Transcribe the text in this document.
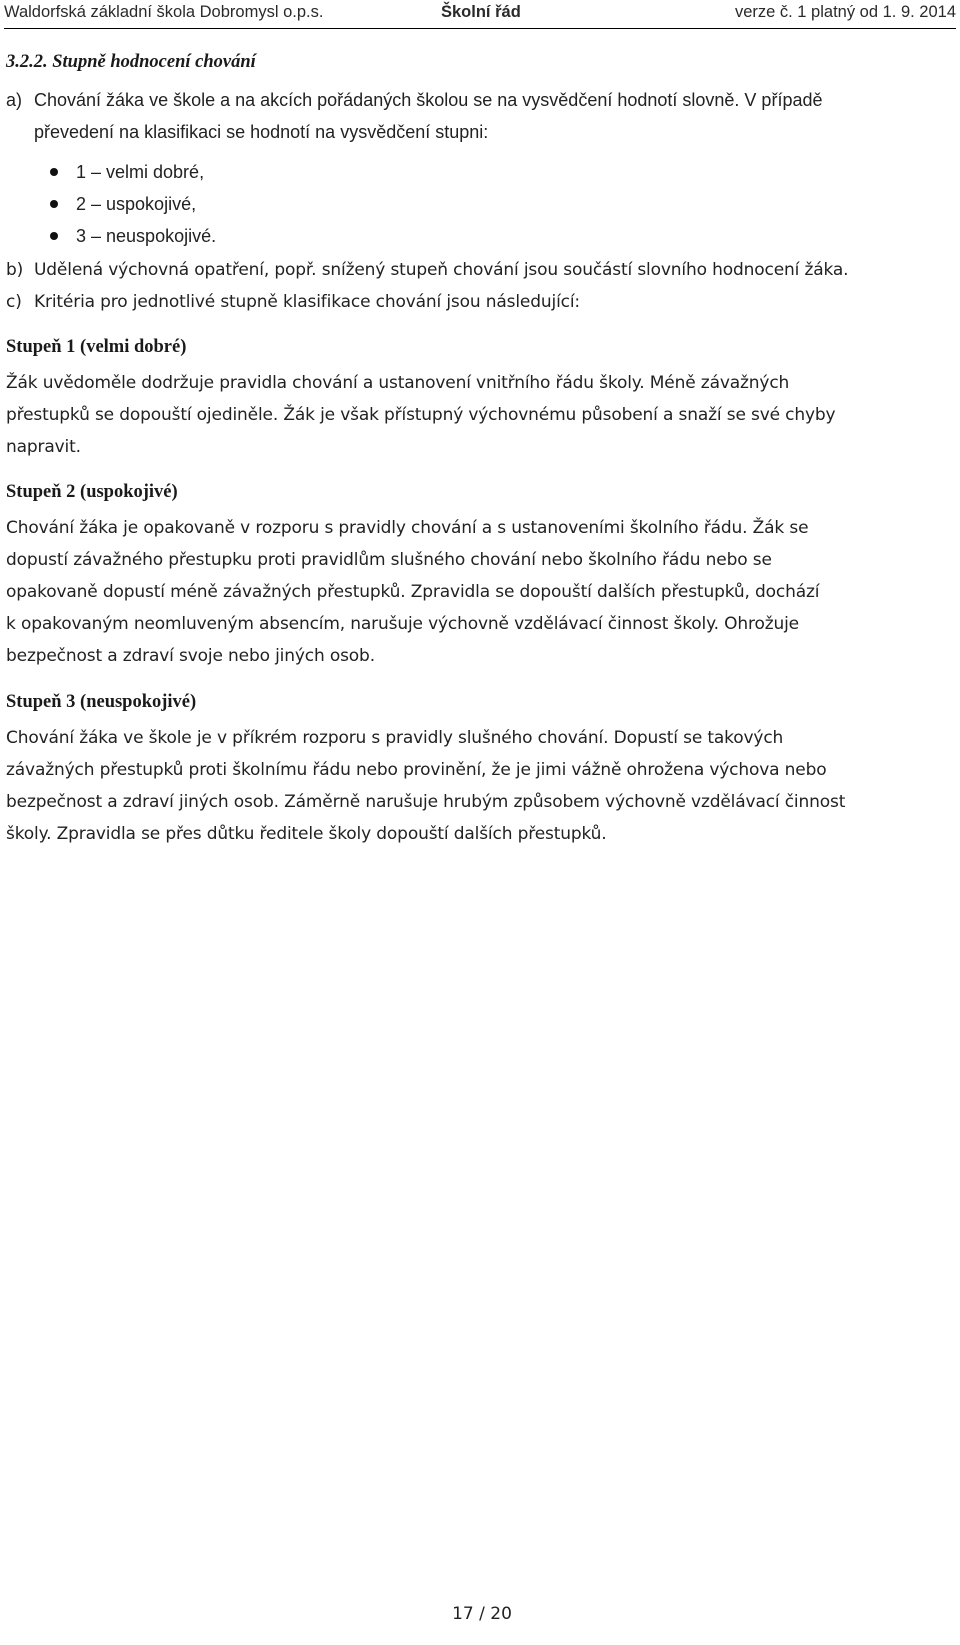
Waldorfská základní škola Dobromysl o.p.s.	Školní řád	verze č. 1 platný od 1. 9. 2014
3.2.2. Stupně hodnocení chování
a) Chování žáka ve škole a na akcích pořádaných školou se na vysvědčení hodnotí slovně. V případě
převedení na klasifikaci se hodnotí na vysvědčení stupni:
1 – velmi dobré,
2 – uspokojivé,
3 – neuspokojivé.
b) Udělená výchovná opatření, popř. snížený stupeň chování jsou součástí slovního hodnocení žáka.
c) Kritéria pro jednotlivé stupně klasifikace chování jsou následující:
Stupeň 1 (velmi dobré)
Žák uvědoměle dodržuje pravidla chování a ustanovení vnitřního řádu školy. Méně závažných
přestupků se dopouští ojediněle. Žák je však přístupný výchovnému působení a snaží se své chyby
napravit.
Stupeň 2 (uspokojivé)
Chování žáka je opakovaně v rozporu s pravidly chování a s ustanoveními školního řádu. Žák se
dopustí závažného přestupku proti pravidlům slušného chování nebo školního řádu nebo se
opakovaně dopustí méně závažných přestupků. Zpravidla se dopouští dalších přestupků, dochází
k opakovaným neomluveným absencím, narušuje výchovně vzdělávací činnost školy. Ohrožuje
bezpečnost a zdraví svoje nebo jiných osob.
Stupeň 3 (neuspokojivé)
Chování žáka ve škole je v příkrém rozporu s pravidly slušného chování. Dopustí se takových
závažných přestupků proti školnímu řádu nebo provinění, že je jimi vážně ohrožena výchova nebo
bezpečnost a zdraví jiných osob. Záměrně narušuje hrubým způsobem výchovně vzdělávací činnost
školy. Zpravidla se přes důtku ředitele školy dopouští dalších přestupků.
17 / 20
